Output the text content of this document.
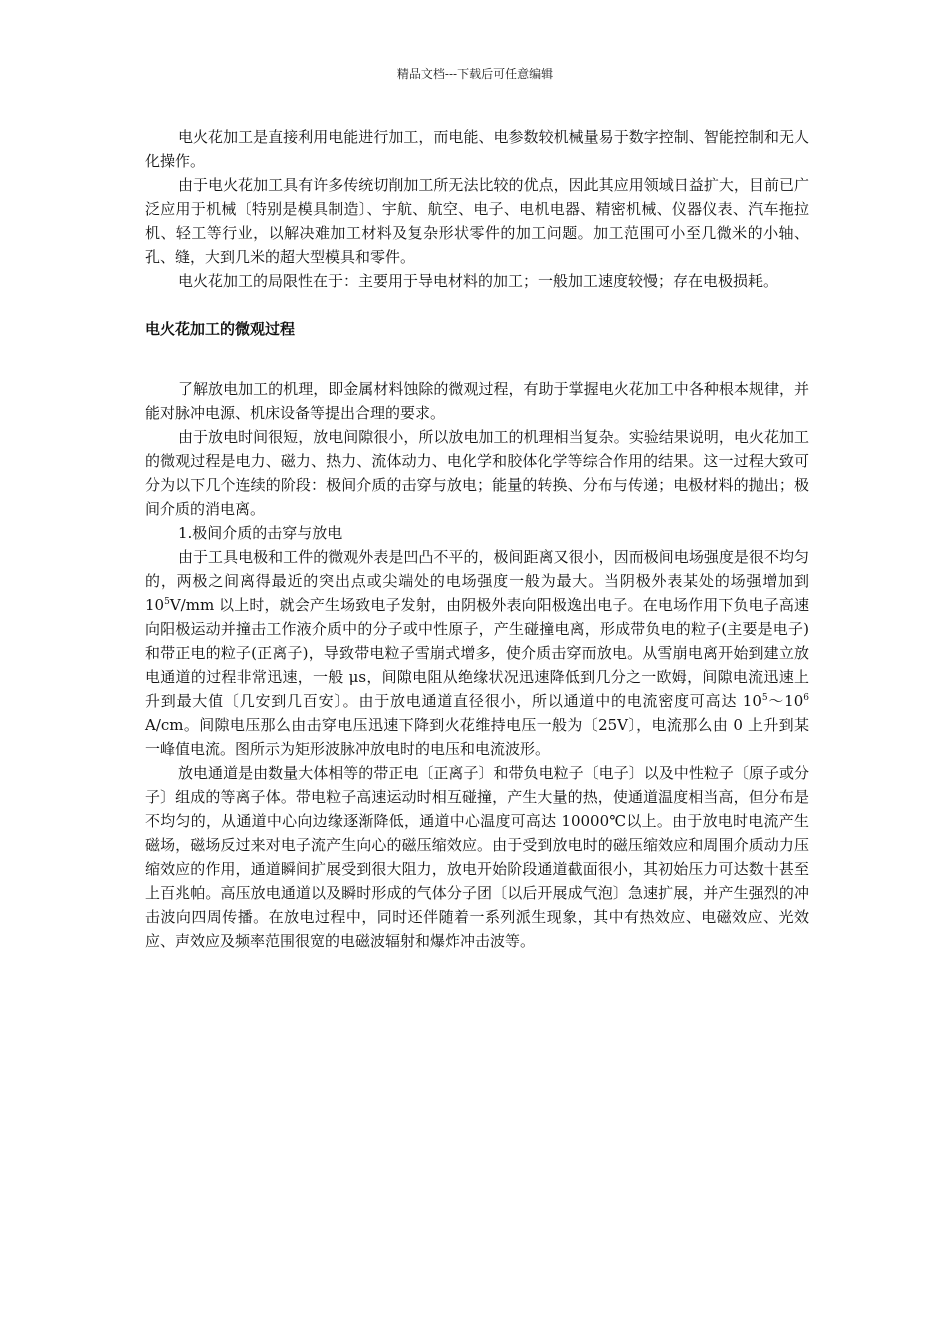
精品文档---下载后可任意编辑

电火花加工是直接利用电能进行加工，而电能、电参数较机械量易于数字控制、智能控制和无人化操作。

由于电火花加工具有许多传统切削加工所无法比较的优点，因此其应用领域日益扩大，目前已广泛应用于机械〔特别是模具制造〕、宇航、航空、电子、电机电器、精密机械、仪器仪表、汽车拖拉机、轻工等行业，以解决难加工材料及复杂形状零件的加工问题。加工范围可小至几微米的小轴、孔、缝，大到几米的超大型模具和零件。

电火花加工的局限性在于：主要用于导电材料的加工；一般加工速度较慢；存在电极损耗。

电火花加工的微观过程

了解放电加工的机理，即金属材料蚀除的微观过程，有助于掌握电火花加工中各种根本规律，并能对脉冲电源、机床设备等提出合理的要求。

由于放电时间很短，放电间隙很小，所以放电加工的机理相当复杂。实验结果说明，电火花加工的微观过程是电力、磁力、热力、流体动力、电化学和胶体化学等综合作用的结果。这一过程大致可分为以下几个连续的阶段：极间介质的击穿与放电；能量的转换、分布与传递；电极材料的抛出；极间介质的消电离。

1.极间介质的击穿与放电

由于工具电极和工件的微观外表是凹凸不平的，极间距离又很小，因而极间电场强度是很不均匀的，两极之间离得最近的突出点或尖端处的电场强度一般为最大。当阴极外表某处的场强增加到 $10^5V/mm$ 以上时，就会产生场致电子发射，由阴极外表向阳极逸出电子。在电场作用下负电子高速向阳极运动并撞击工作液介质中的分子或中性原子，产生碰撞电离，形成带负电的粒子(主要是电子)和带正电的粒子(正离子)，导致带电粒子雪崩式增多，使介质击穿而放电。从雪崩电离开始到建立放电通道的过程非常迅速，一般 μs，间隙电阻从绝缘状况迅速降低到几分之一欧姆，间隙电流迅速上升到最大值〔几安到几百安〕。由于放电通道直径很小，所以通道中的电流密度可高达 $10^5\sim 10^6$ A/cm。间隙电压那么由击穿电压迅速下降到火花维持电压一般为〔25V〕，电流那么由 0 上升到某一峰值电流。图所示为矩形波脉冲放电时的电压和电流波形。

放电通道是由数量大体相等的带正电〔正离子〕和带负电粒子〔电子〕以及中性粒子〔原子或分子〕组成的等离子体。带电粒子高速运动时相互碰撞，产生大量的热，使通道温度相当高，但分布是不均匀的，从通道中心向边缘逐渐降低，通道中心温度可高达 10000℃以上。由于放电时电流产生磁场，磁场反过来对电子流产生向心的磁压缩效应。由于受到放电时的磁压缩效应和周围介质动力压缩效应的作用，通道瞬间扩展受到很大阻力，放电开始阶段通道截面很小，其初始压力可达数十甚至上百兆帕。高压放电通道以及瞬时形成的气体分子团〔以后开展成气泡〕急速扩展，并产生强烈的冲击波向四周传播。在放电过程中，同时还伴随着一系列派生现象，其中有热效应、电磁效应、光效应、声效应及频率范围很宽的电磁波辐射和爆炸冲击波等。
